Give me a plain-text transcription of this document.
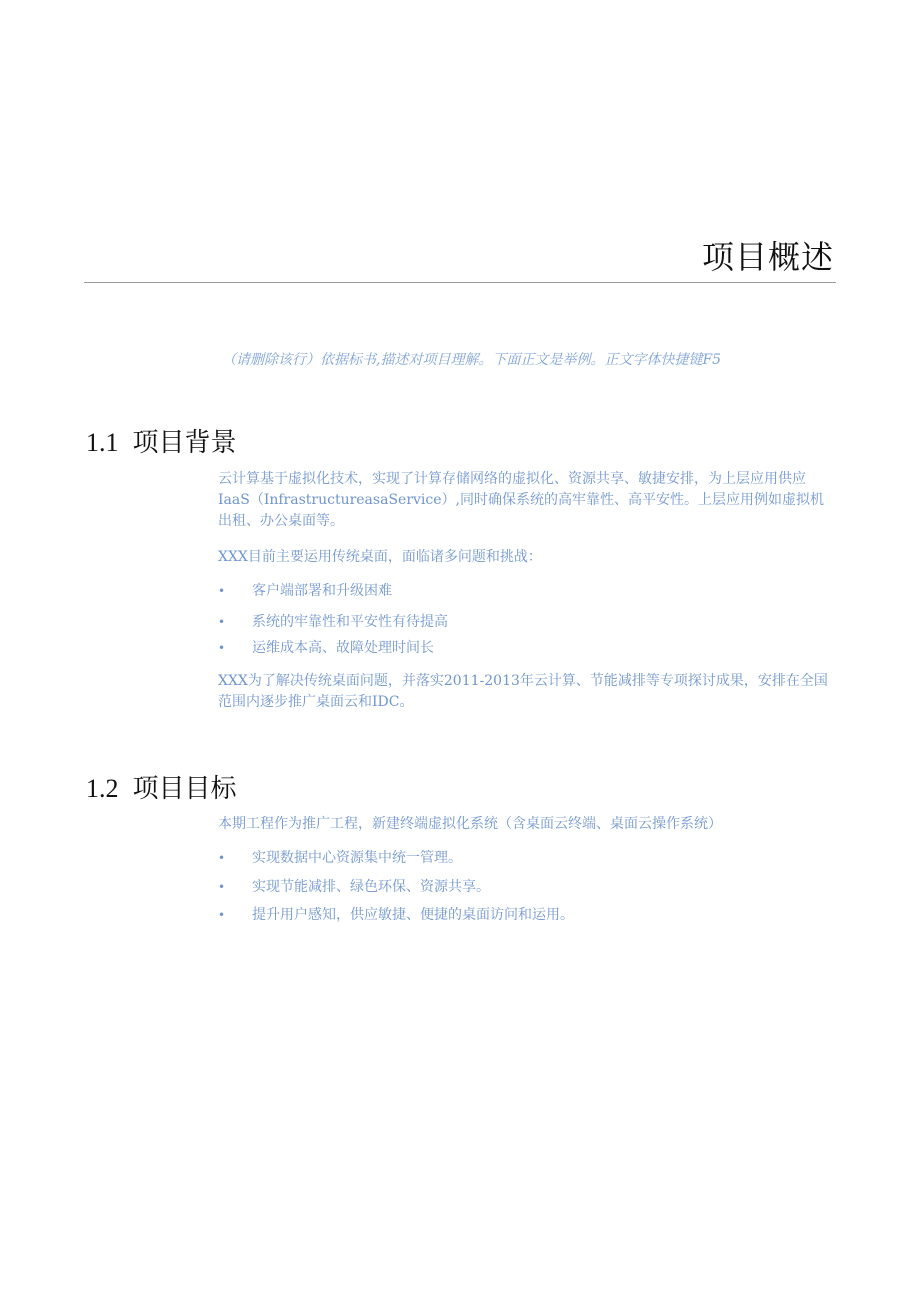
项目概述
（请删除该行）依据标书,描述对项目理解。下面正文是举例。正文字体快捷键F5
1.1 项目背景
云计算基于虚拟化技术，实现了计算存储网络的虚拟化、资源共享、敏捷安排，为上层应用供应IaaS（InfrastructureasaService）,同时确保系统的高牢靠性、高平安性。上层应用例如虚拟机出租、办公桌面等。
XXX目前主要运用传统桌面，面临诸多问题和挑战：
• 客户端部署和升级困难
• 系统的牢靠性和平安性有待提高
• 运维成本高、故障处理时间长
XXX为了解决传统桌面问题，并落实2011-2013年云计算、节能减排等专项探讨成果，安排在全国范围内逐步推广桌面云和IDC。
1.2 项目目标
本期工程作为推广工程，新建终端虚拟化系统（含桌面云终端、桌面云操作系统）
• 实现数据中心资源集中统一管理。
• 实现节能减排、绿色环保、资源共享。
• 提升用户感知，供应敏捷、便捷的桌面访问和运用。
